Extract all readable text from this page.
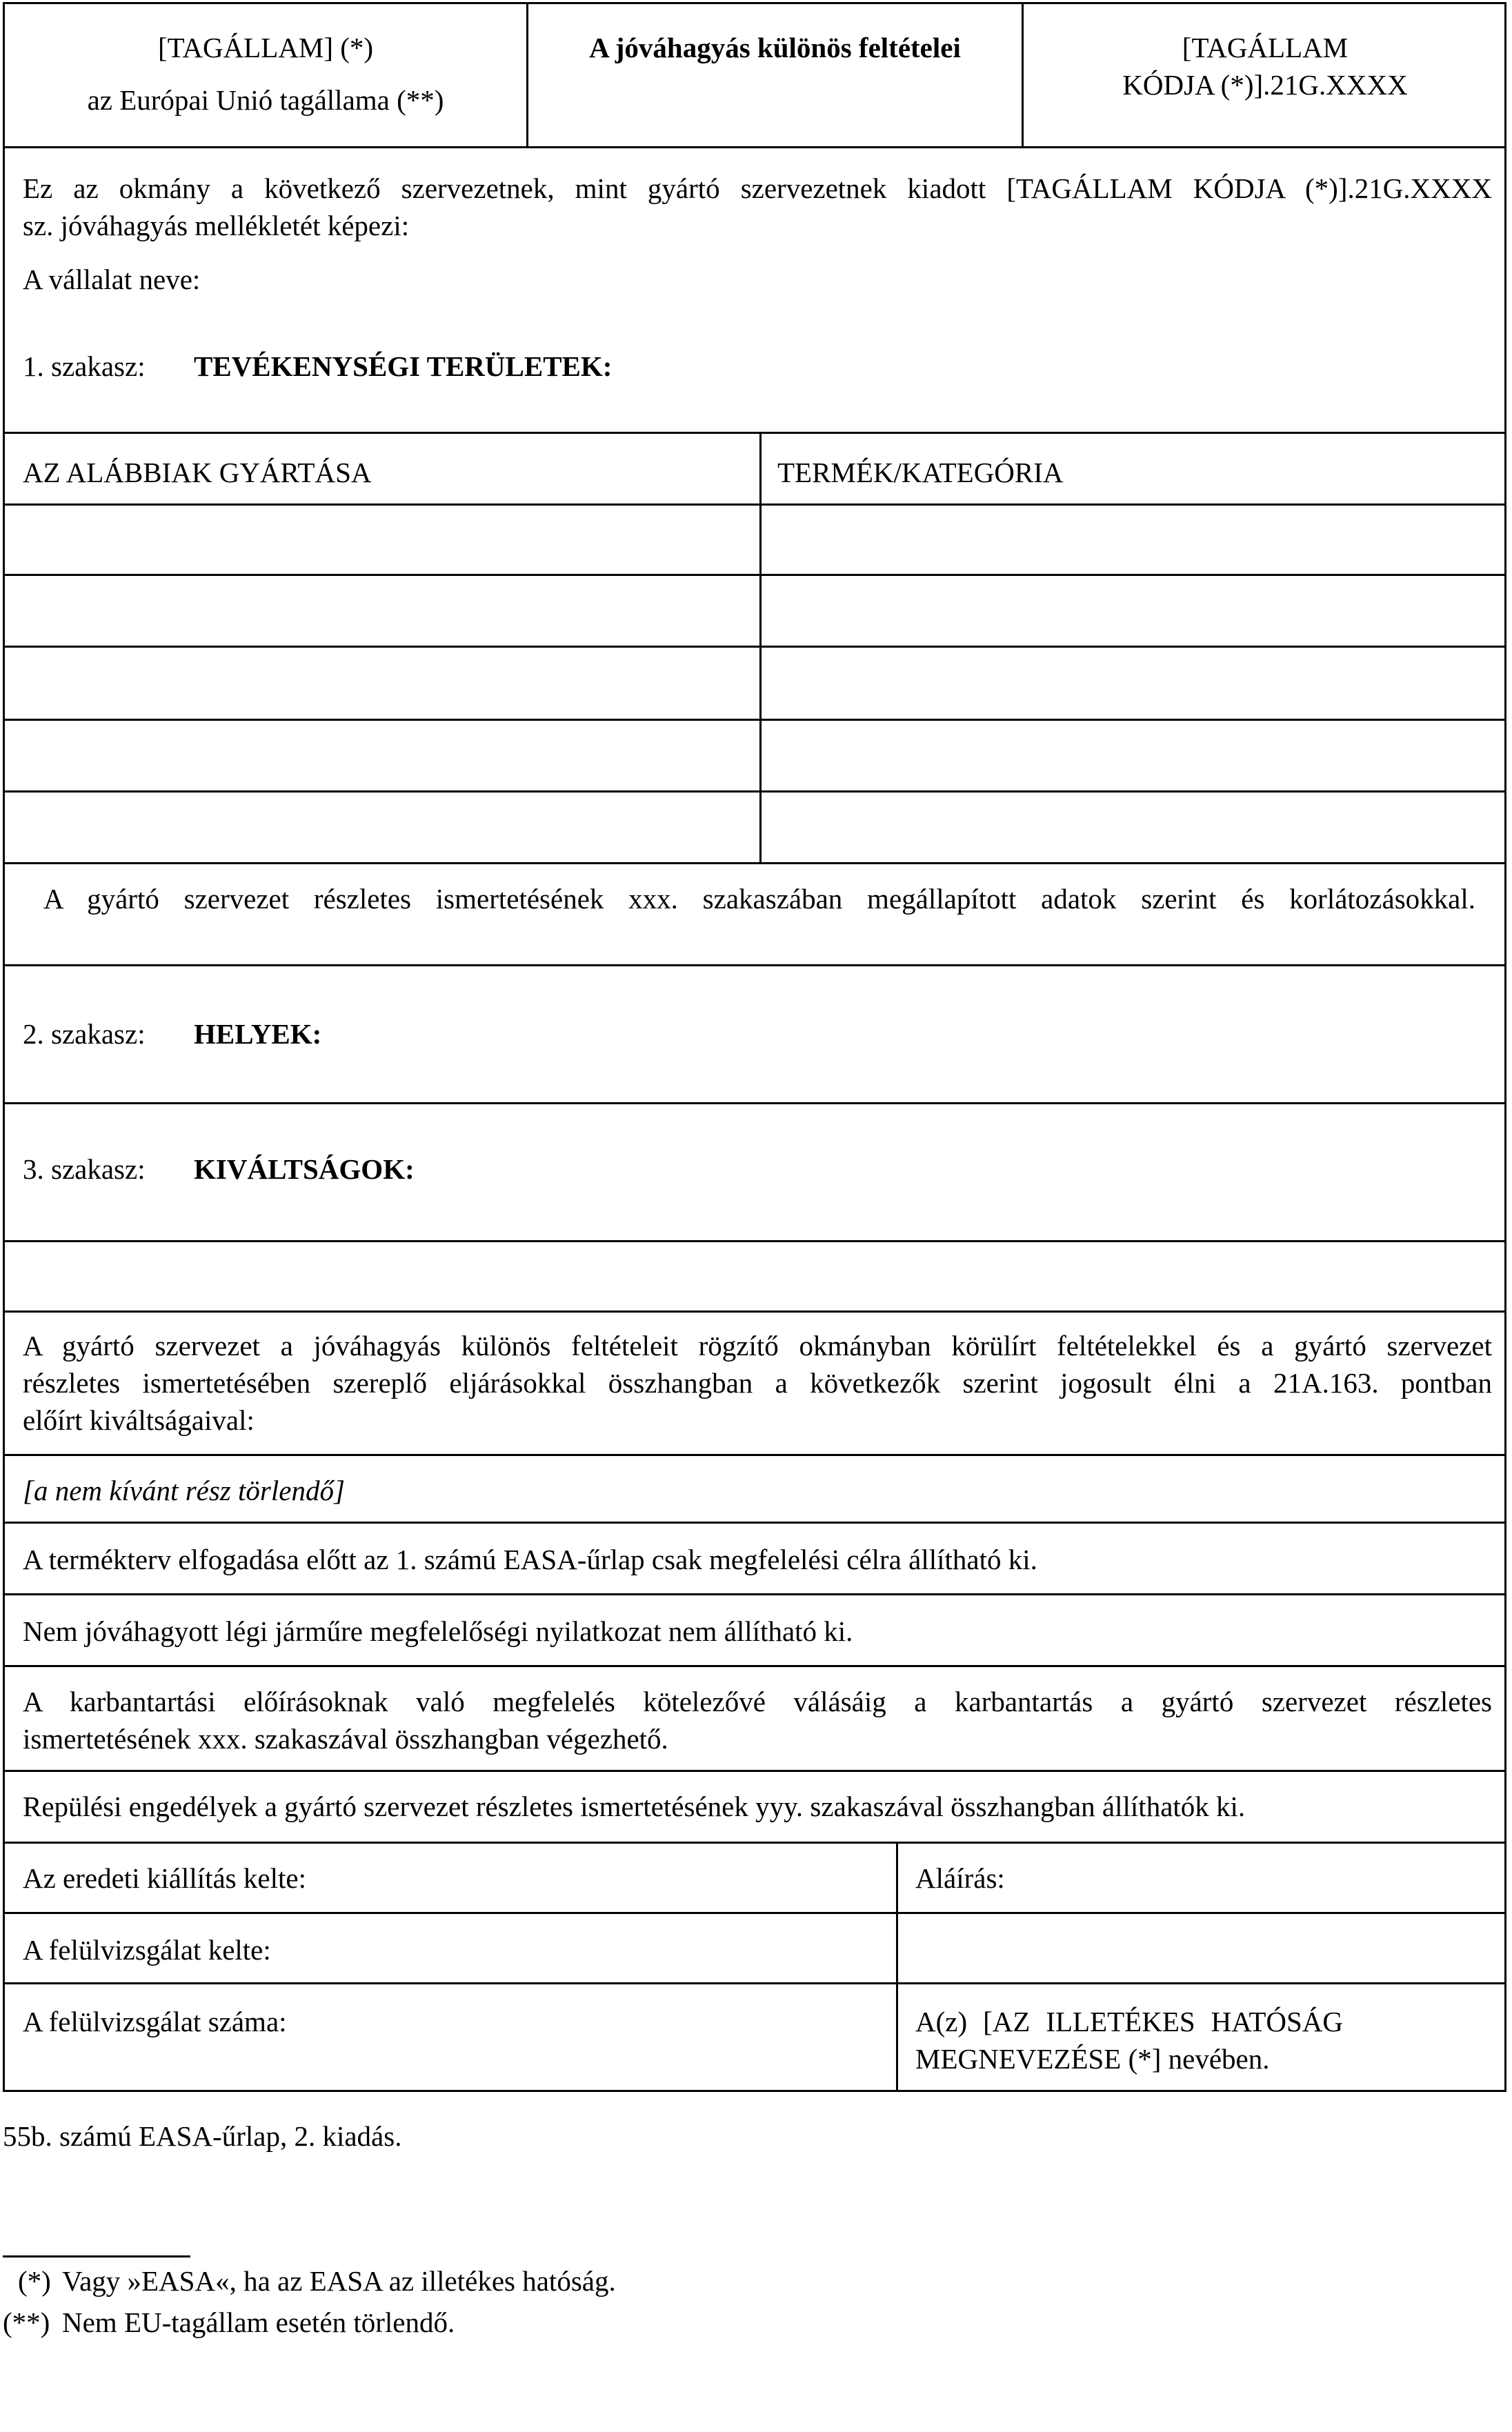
[TAGÁLLAM] (*)
az Európai Unió tagállama (**)
A jóváhagyás különös feltételei	[TAGÁLLAM
KÓDJA (*)].21G.XXXX
Ez az okmány a következő szervezetnek, mint gyártó szervezetnek kiadott [TAGÁLLAM KÓDJA (*)].21G.XXXX
sz. jóváhagyás mellékletét képezi:
A vállalat neve:
1. szakasz: TEVÉKENYSÉGI TERÜLETEK:
AZ ALÁBBIAK GYÁRTÁSA	TERMÉK/KATEGÓRIA
A gyártó szervezet részletes ismertetésének xxx. szakaszában megállapított adatok szerint és korlátozásokkal.
2. szakasz: HELYEK:
3. szakasz: KIVÁLTSÁGOK:
A gyártó szervezet a jóváhagyás különös feltételeit rögzítő okmányban körülírt feltételekkel és a gyártó szervezet
részletes ismertetésében szereplő eljárásokkal összhangban a következők szerint jogosult élni a 21A.163. pontban
előírt kiváltságaival:
[a nem kívánt rész törlendő]
A termékterv elfogadása előtt az 1. számú EASA-űrlap csak megfelelési célra állítható ki.
Nem jóváhagyott légi járműre megfelelőségi nyilatkozat nem állítható ki.
A karbantartási előírásoknak való megfelelés kötelezővé válásáig a karbantartás a gyártó szervezet részletes
ismertetésének xxx. szakaszával összhangban végezhető.
Repülési engedélyek a gyártó szervezet részletes ismertetésének yyy. szakaszával összhangban állíthatók ki.
Az eredeti kiállítás kelte:	Aláírás:
A felülvizsgálat kelte:
A felülvizsgálat száma:	A(z) [AZ ILLETÉKES HATÓSÁG
MEGNEVEZÉSE (*] nevében.
55b. számú EASA-űrlap, 2. kiadás.
(*) Vagy »EASA«, ha az EASA az illetékes hatóság.
(**) Nem EU-tagállam esetén törlendő.
